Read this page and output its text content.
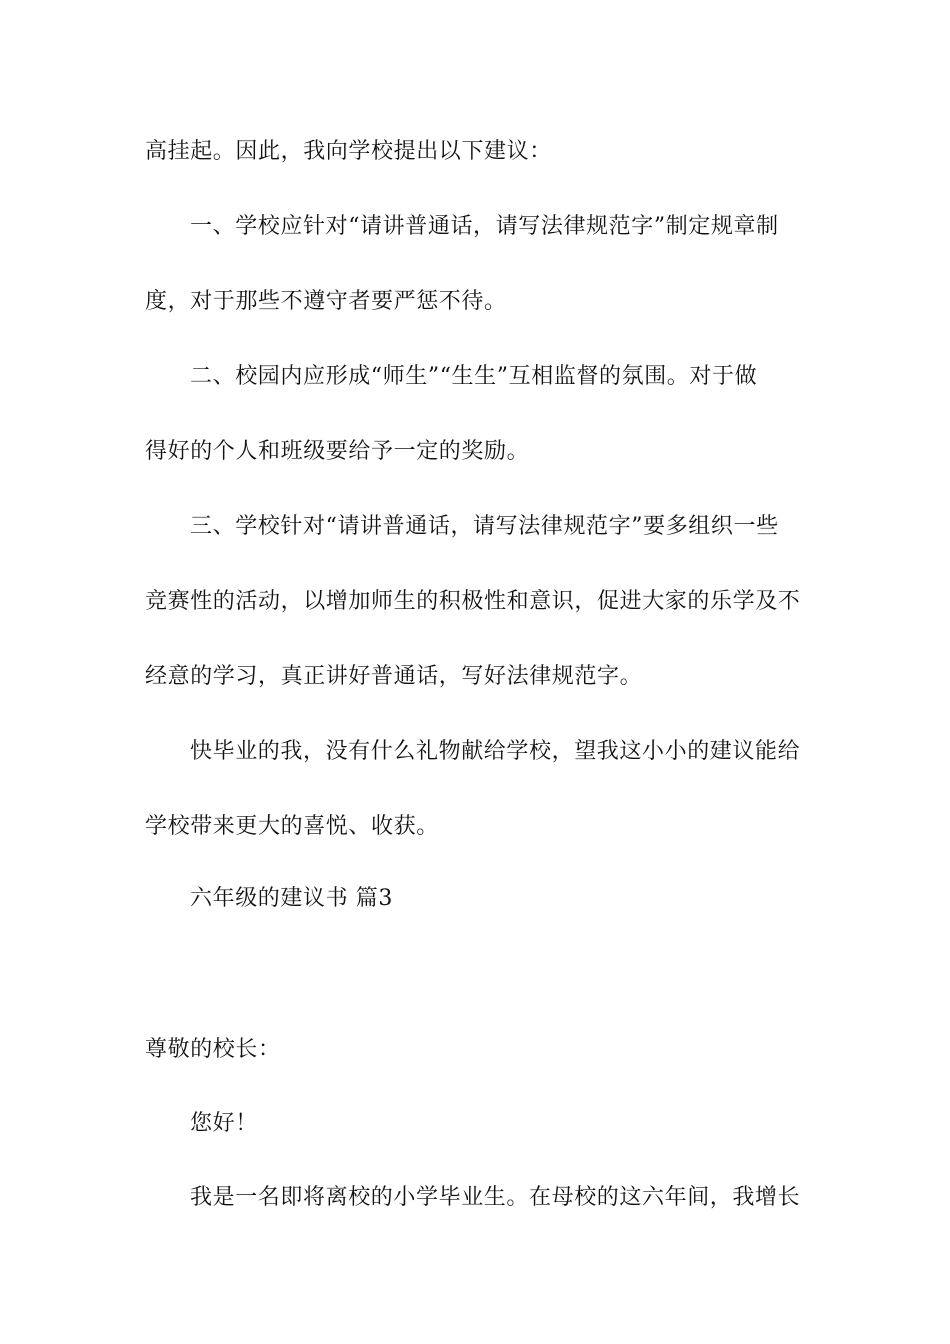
高挂起。因此，我向学校提出以下建议：
一、学校应针对“请讲普通话，请写法律规范字”制定规章制
度，对于那些不遵守者要严惩不待。
二、校园内应形成“师生”“生生”互相监督的氛围。对于做
得好的个人和班级要给予一定的奖励。
三、学校针对“请讲普通话，请写法律规范字”要多组织一些
竞赛性的活动，以增加师生的积极性和意识，促进大家的乐学及不
经意的学习，真正讲好普通话，写好法律规范字。
快毕业的我，没有什么礼物献给学校，望我这小小的建议能给
学校带来更大的喜悦、收获。
六年级的建议书 篇3
尊敬的校长：
您好！
我是一名即将离校的小学毕业生。在母校的这六年间，我增长
